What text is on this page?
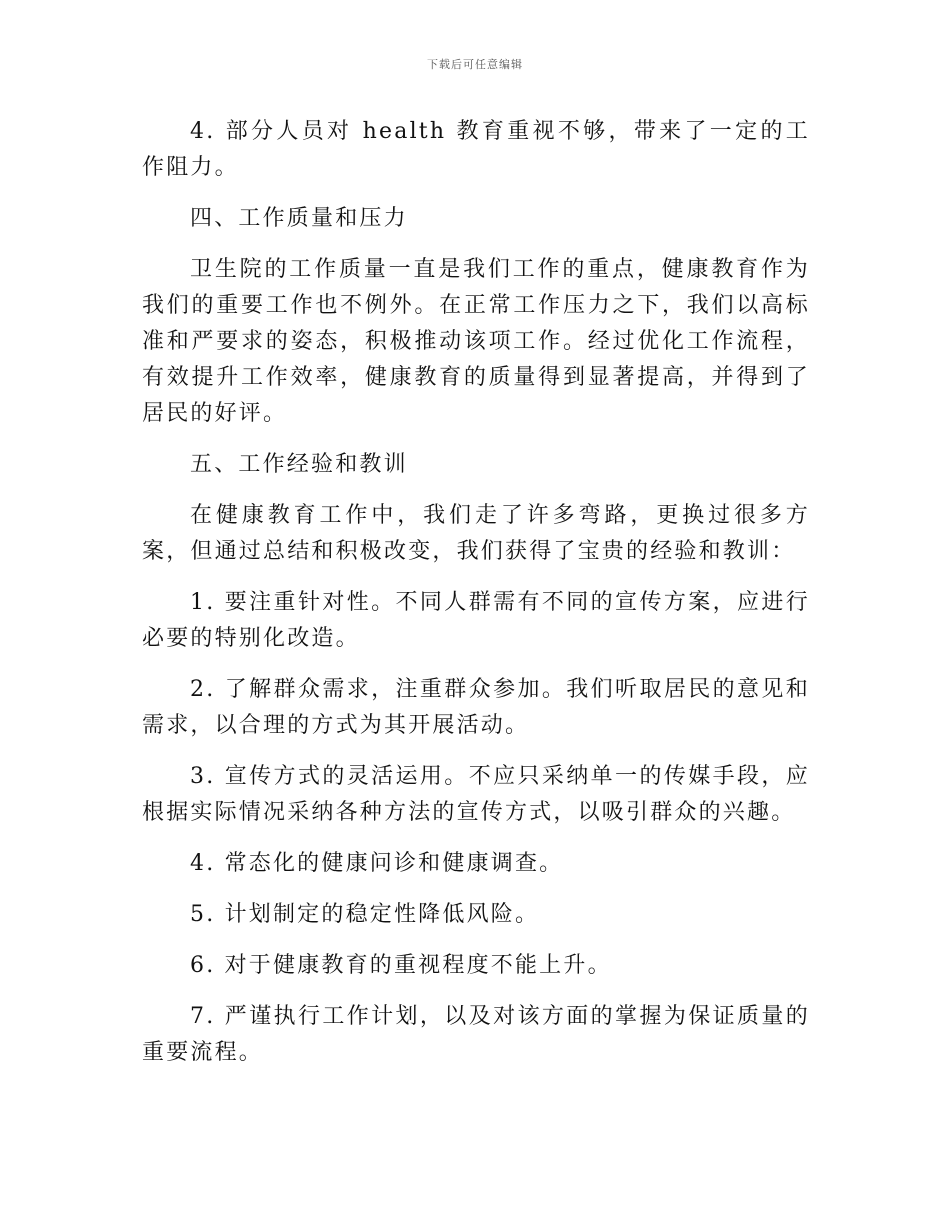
下载后可任意编辑

4. 部分人员对 health 教育重视不够，带来了一定的工作阻力。

四、工作质量和压力

卫生院的工作质量一直是我们工作的重点，健康教育作为我们的重要工作也不例外。在正常工作压力之下，我们以高标准和严要求的姿态，积极推动该项工作。经过优化工作流程，有效提升工作效率，健康教育的质量得到显著提高，并得到了居民的好评。

五、工作经验和教训

在健康教育工作中，我们走了许多弯路，更换过很多方案，但通过总结和积极改变，我们获得了宝贵的经验和教训：

1. 要注重针对性。不同人群需有不同的宣传方案，应进行必要的特别化改造。

2. 了解群众需求，注重群众参加。我们听取居民的意见和需求，以合理的方式为其开展活动。

3. 宣传方式的灵活运用。不应只采纳单一的传媒手段，应根据实际情况采纳各种方法的宣传方式，以吸引群众的兴趣。

4. 常态化的健康问诊和健康调查。

5. 计划制定的稳定性降低风险。

6. 对于健康教育的重视程度不能上升。

7. 严谨执行工作计划，以及对该方面的掌握为保证质量的重要流程。
